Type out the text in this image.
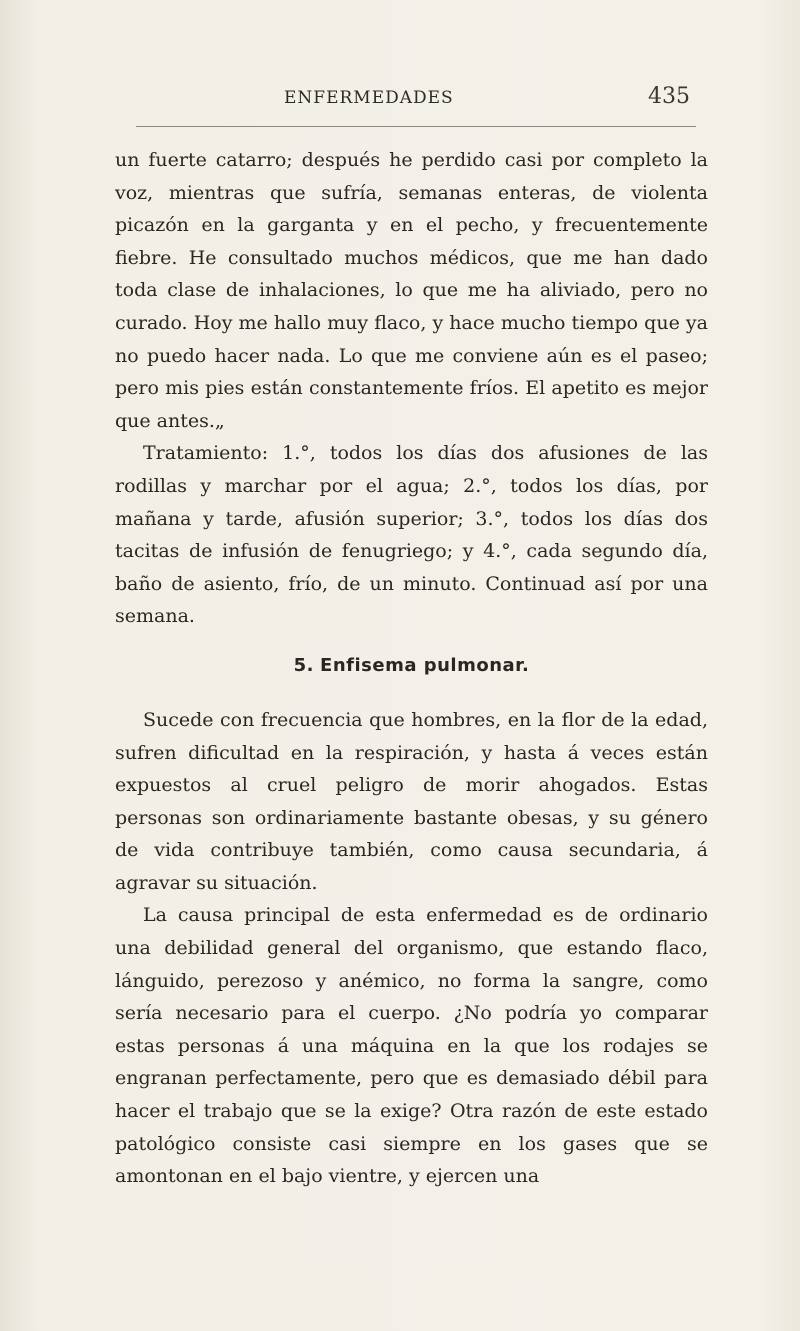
ENFERMEDADES	435

un fuerte catarro; después he perdido casi por completo la voz, mientras que sufría, semanas enteras, de violenta picazón en la garganta y en el pecho, y frecuentemente fiebre. He consultado muchos médicos, que me han dado toda clase de inhalaciones, lo que me ha aliviado, pero no curado. Hoy me hallo muy flaco, y hace mucho tiempo que ya no puedo hacer nada. Lo que me conviene aún es el paseo; pero mis pies están constantemente fríos. El apetito es mejor que antes.„

Tratamiento: 1.°, todos los días dos afusiones de las rodillas y marchar por el agua; 2.°, todos los días, por mañana y tarde, afusión superior; 3.°, todos los días dos tacitas de infusión de fenugriego; y 4.°, cada segundo día, baño de asiento, frío, de un minuto. Continuad así por una semana.

5. Enfisema pulmonar.

Sucede con frecuencia que hombres, en la flor de la edad, sufren dificultad en la respiración, y hasta á veces están expuestos al cruel peligro de morir ahogados. Estas personas son ordinariamente bastante obesas, y su género de vida contribuye también, como causa secundaria, á agravar su situación.

La causa principal de esta enfermedad es de ordinario una debilidad general del organismo, que estando flaco, lánguido, perezoso y anémico, no forma la sangre, como sería necesario para el cuerpo. ¿No podría yo comparar estas personas á una máquina en la que los rodajes se engranan perfectamente, pero que es demasiado débil para hacer el trabajo que se la exige? Otra razón de este estado patológico consiste casi siempre en los gases que se amontonan en el bajo vientre, y ejercen una
